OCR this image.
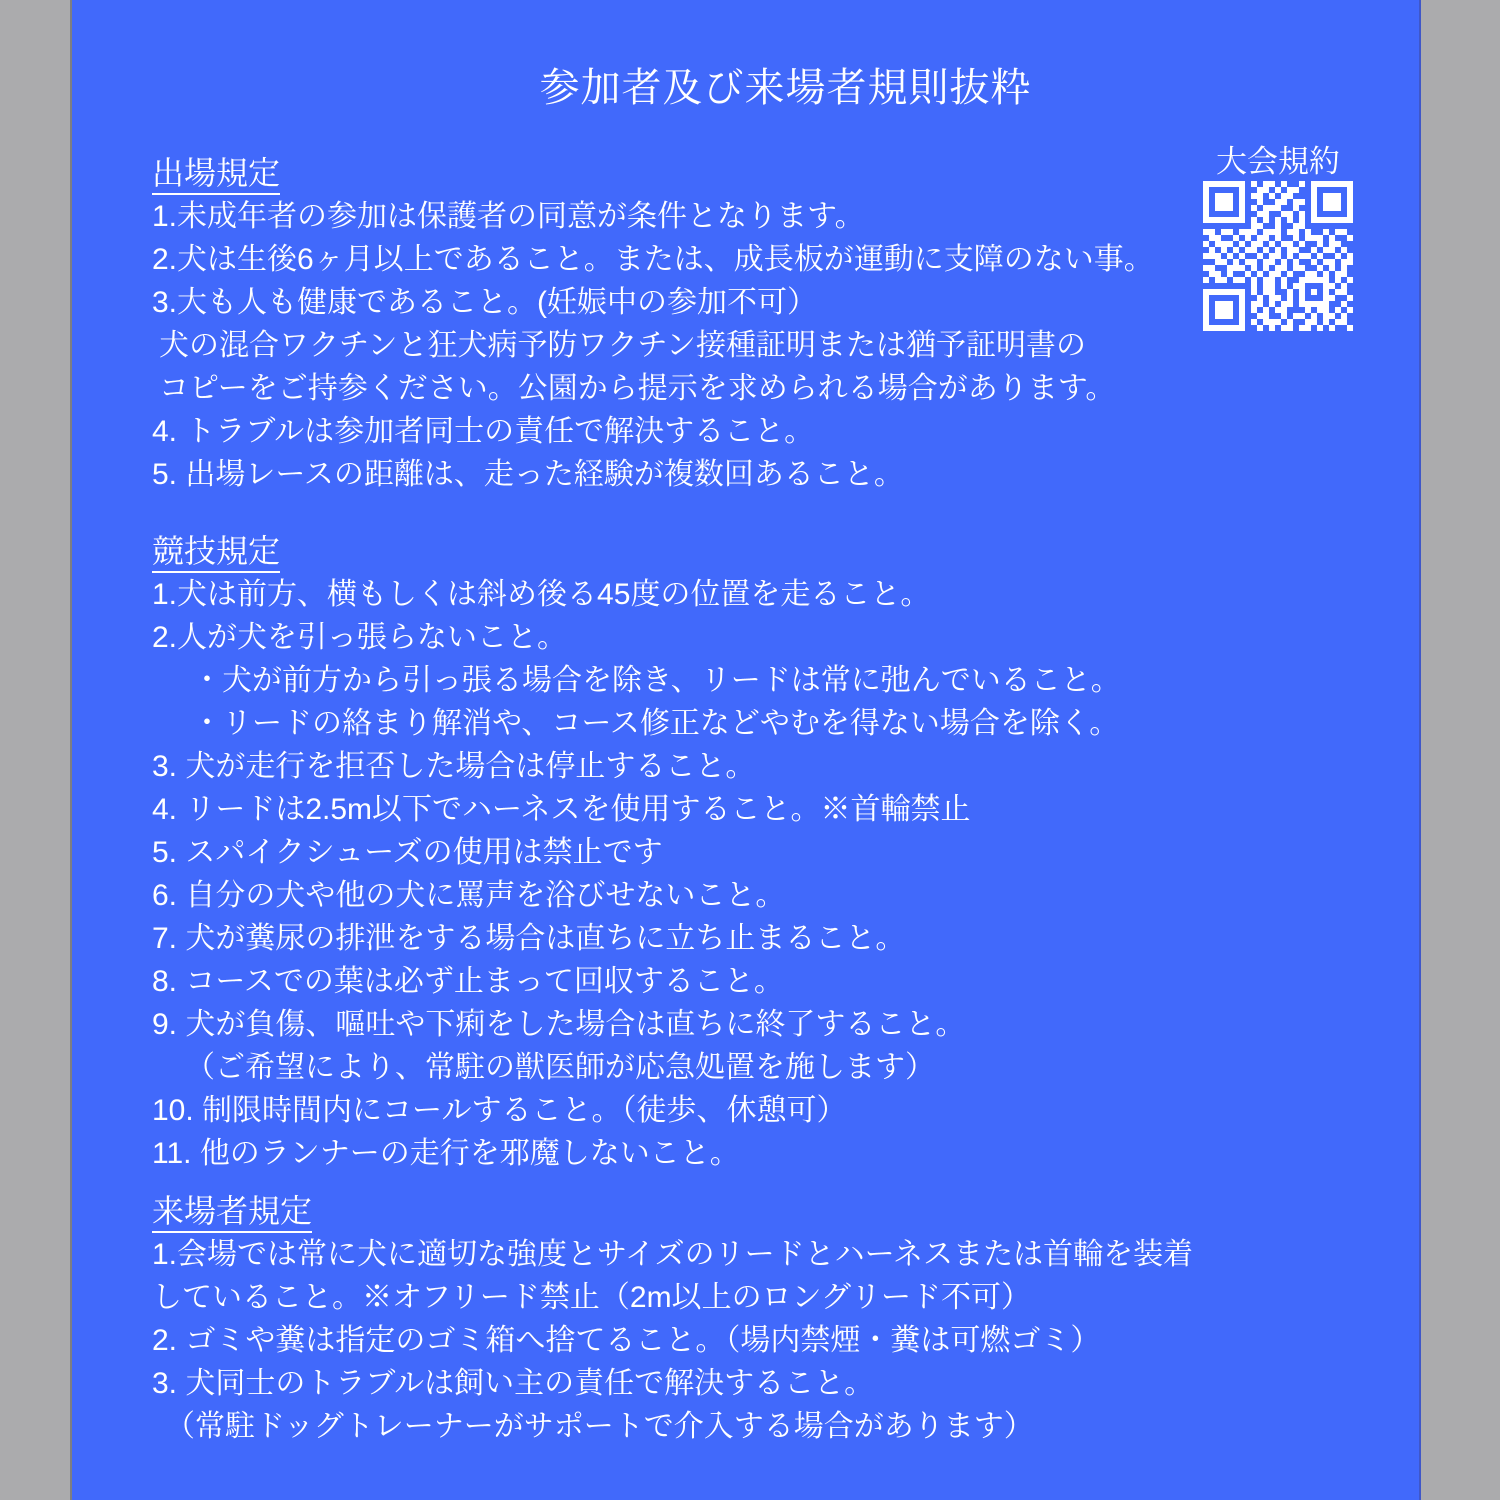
参加者及び来場者規則抜粋
大会規約
出場規定
1.未成年者の参加は保護者の同意が条件となります。
2.犬は生後6ヶ月以上であること。または、成長板が運動に支障のない事。
3.大も人も健康であること。(妊娠中の参加不可）
犬の混合ワクチンと狂犬病予防ワクチン接種証明または猶予証明書の
コピーをご持参ください。公園から提示を求められる場合があります。
4. トラブルは参加者同士の責任で解決すること。
5. 出場レースの距離は、走った経験が複数回あること。
競技規定
1.犬は前方、横もしくは斜め後る45度の位置を走ること。
2.人が犬を引っ張らないこと。
・犬が前方から引っ張る場合を除き、リードは常に弛んでいること。
・リードの絡まり解消や、コース修正などやむを得ない場合を除く。
3. 犬が走行を拒否した場合は停止すること。
4. リードは2.5m以下でハーネスを使用すること。※首輪禁止
5. スパイクシューズの使用は禁止です
6. 自分の犬や他の犬に罵声を浴びせないこと。
7. 犬が糞尿の排泄をする場合は直ちに立ち止まること。
8. コースでの葉は必ず止まって回収すること。
9. 犬が負傷、嘔吐や下痢をした場合は直ちに終了すること。
（ご希望により、常駐の獣医師が応急処置を施します）
10. 制限時間内にコールすること。（徒歩、休憩可）
11. 他のランナーの走行を邪魔しないこと。
来場者規定
1.会場では常に犬に適切な強度とサイズのリードとハーネスまたは首輪を装着
していること。※オフリード禁止（2m以上のロングリード不可）
2. ゴミや糞は指定のゴミ箱へ捨てること。（場内禁煙・糞は可燃ゴミ）
3. 犬同士のトラブルは飼い主の責任で解決すること。
（常駐ドッグトレーナーがサポートで介入する場合があります）
